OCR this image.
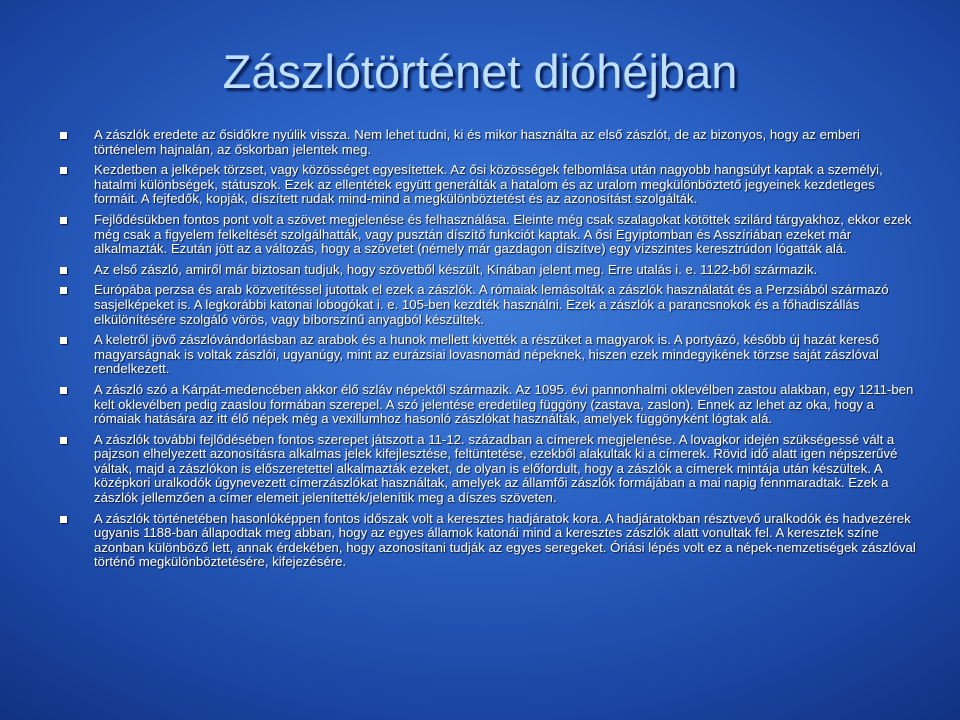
Zászlótörténet dióhéjban
A zászlók eredete az ősidőkre nyúlik vissza. Nem lehet tudni, ki és mikor használta az első zászlót, de az bizonyos, hogy az emberi történelem hajnalán, az őskorban jelentek meg.
Kezdetben a jelképek törzset, vagy közösséget egyesítettek. Az ősi közösségek felbomlása után nagyobb hangsúlyt kaptak a személyi, hatalmi különbségek, státuszok. Ezek az ellentétek együtt generálták a hatalom és az uralom megkülönböztető jegyeinek kezdetleges formáit. A fejfedők, kopják, díszített rudak mind-mind a megkülönböztetést és az azonosítást szolgálták.
Fejlődésükben fontos pont volt a szövet megjelenése és felhasználása. Eleinte még csak szalagokat kötöttek szilárd tárgyakhoz, ekkor ezek még csak a figyelem felkeltését szolgálhatták, vagy pusztán díszítő funkciót kaptak. A ősi Egyiptomban és Asszíriában ezeket már alkalmazták. Ezután jött az a változás, hogy a szövetet (némely már gazdagon díszítve) egy vízszintes keresztrúdon lógatták alá.
Az első zászló, amiről már biztosan tudjuk, hogy szövetből készült, Kínában jelent meg. Erre utalás i. e. 1122-ből származik.
Európába perzsa és arab közvetítéssel jutottak el ezek a zászlók. A rómaiak lemásolták a zászlók használatát és a Perzsiából származó sasjelképeket is. A legkorábbi katonai lobogókat i. e. 105-ben kezdték használni. Ezek a zászlók a parancsnokok és a főhadiszállás elkülönítésére szolgáló vörös, vagy bíborszínű anyagból készültek.
A keletről jövő zászlóvándorlásban az arabok és a hunok mellett kivették a részüket a magyarok is. A portyázó, később új hazát kereső magyarságnak is voltak zászlói, ugyanúgy, mint az eurázsiai lovasnomád népeknek, hiszen ezek mindegyikének törzse saját zászlóval rendelkezett.
A zászló szó a Kárpát-medencében akkor élő szláv népektől származik. Az 1095. évi pannonhalmi oklevélben zastou alakban, egy 1211-ben kelt oklevélben pedig zaaslou formában szerepel. A szó jelentése eredetileg függöny (zastava, zaslon). Ennek az lehet az oka, hogy a rómaiak hatására az itt élő népek még a vexillumhoz hasonló zászlókat használták, amelyek függönyként lógtak alá.
A zászlók további fejlődésében fontos szerepet játszott a 11-12. században a címerek megjelenése. A lovagkor idején szükségessé vált a pajzson elhelyezett azonosításra alkalmas jelek kifejlesztése, feltüntetése, ezekből alakultak ki a címerek. Rövid idő alatt igen népszerűvé váltak, majd a zászlókon is előszeretettel alkalmazták ezeket, de olyan is előfordult, hogy a zászlók a címerek mintája után készültek. A középkori uralkodók úgynevezett címerzászlókat használtak, amelyek az államfői zászlók formájában a mai napig fennmaradtak. Ezek a zászlók jellemzően a címer elemeit jelenítették/jelenítik meg a díszes szöveten.
A zászlók történetében hasonlóképpen fontos időszak volt a keresztes hadjáratok kora. A hadjáratokban résztvevő uralkodók és hadvezérek ugyanis 1188-ban állapodtak meg abban, hogy az egyes államok katonái mind a keresztes zászlók alatt vonultak fel. A keresztek színe azonban különböző lett, annak érdekében, hogy azonosítani tudják az egyes seregeket. Óriási lépés volt ez a népek-nemzetiségek zászlóval történő megkülönböztetésére, kifejezésére.
